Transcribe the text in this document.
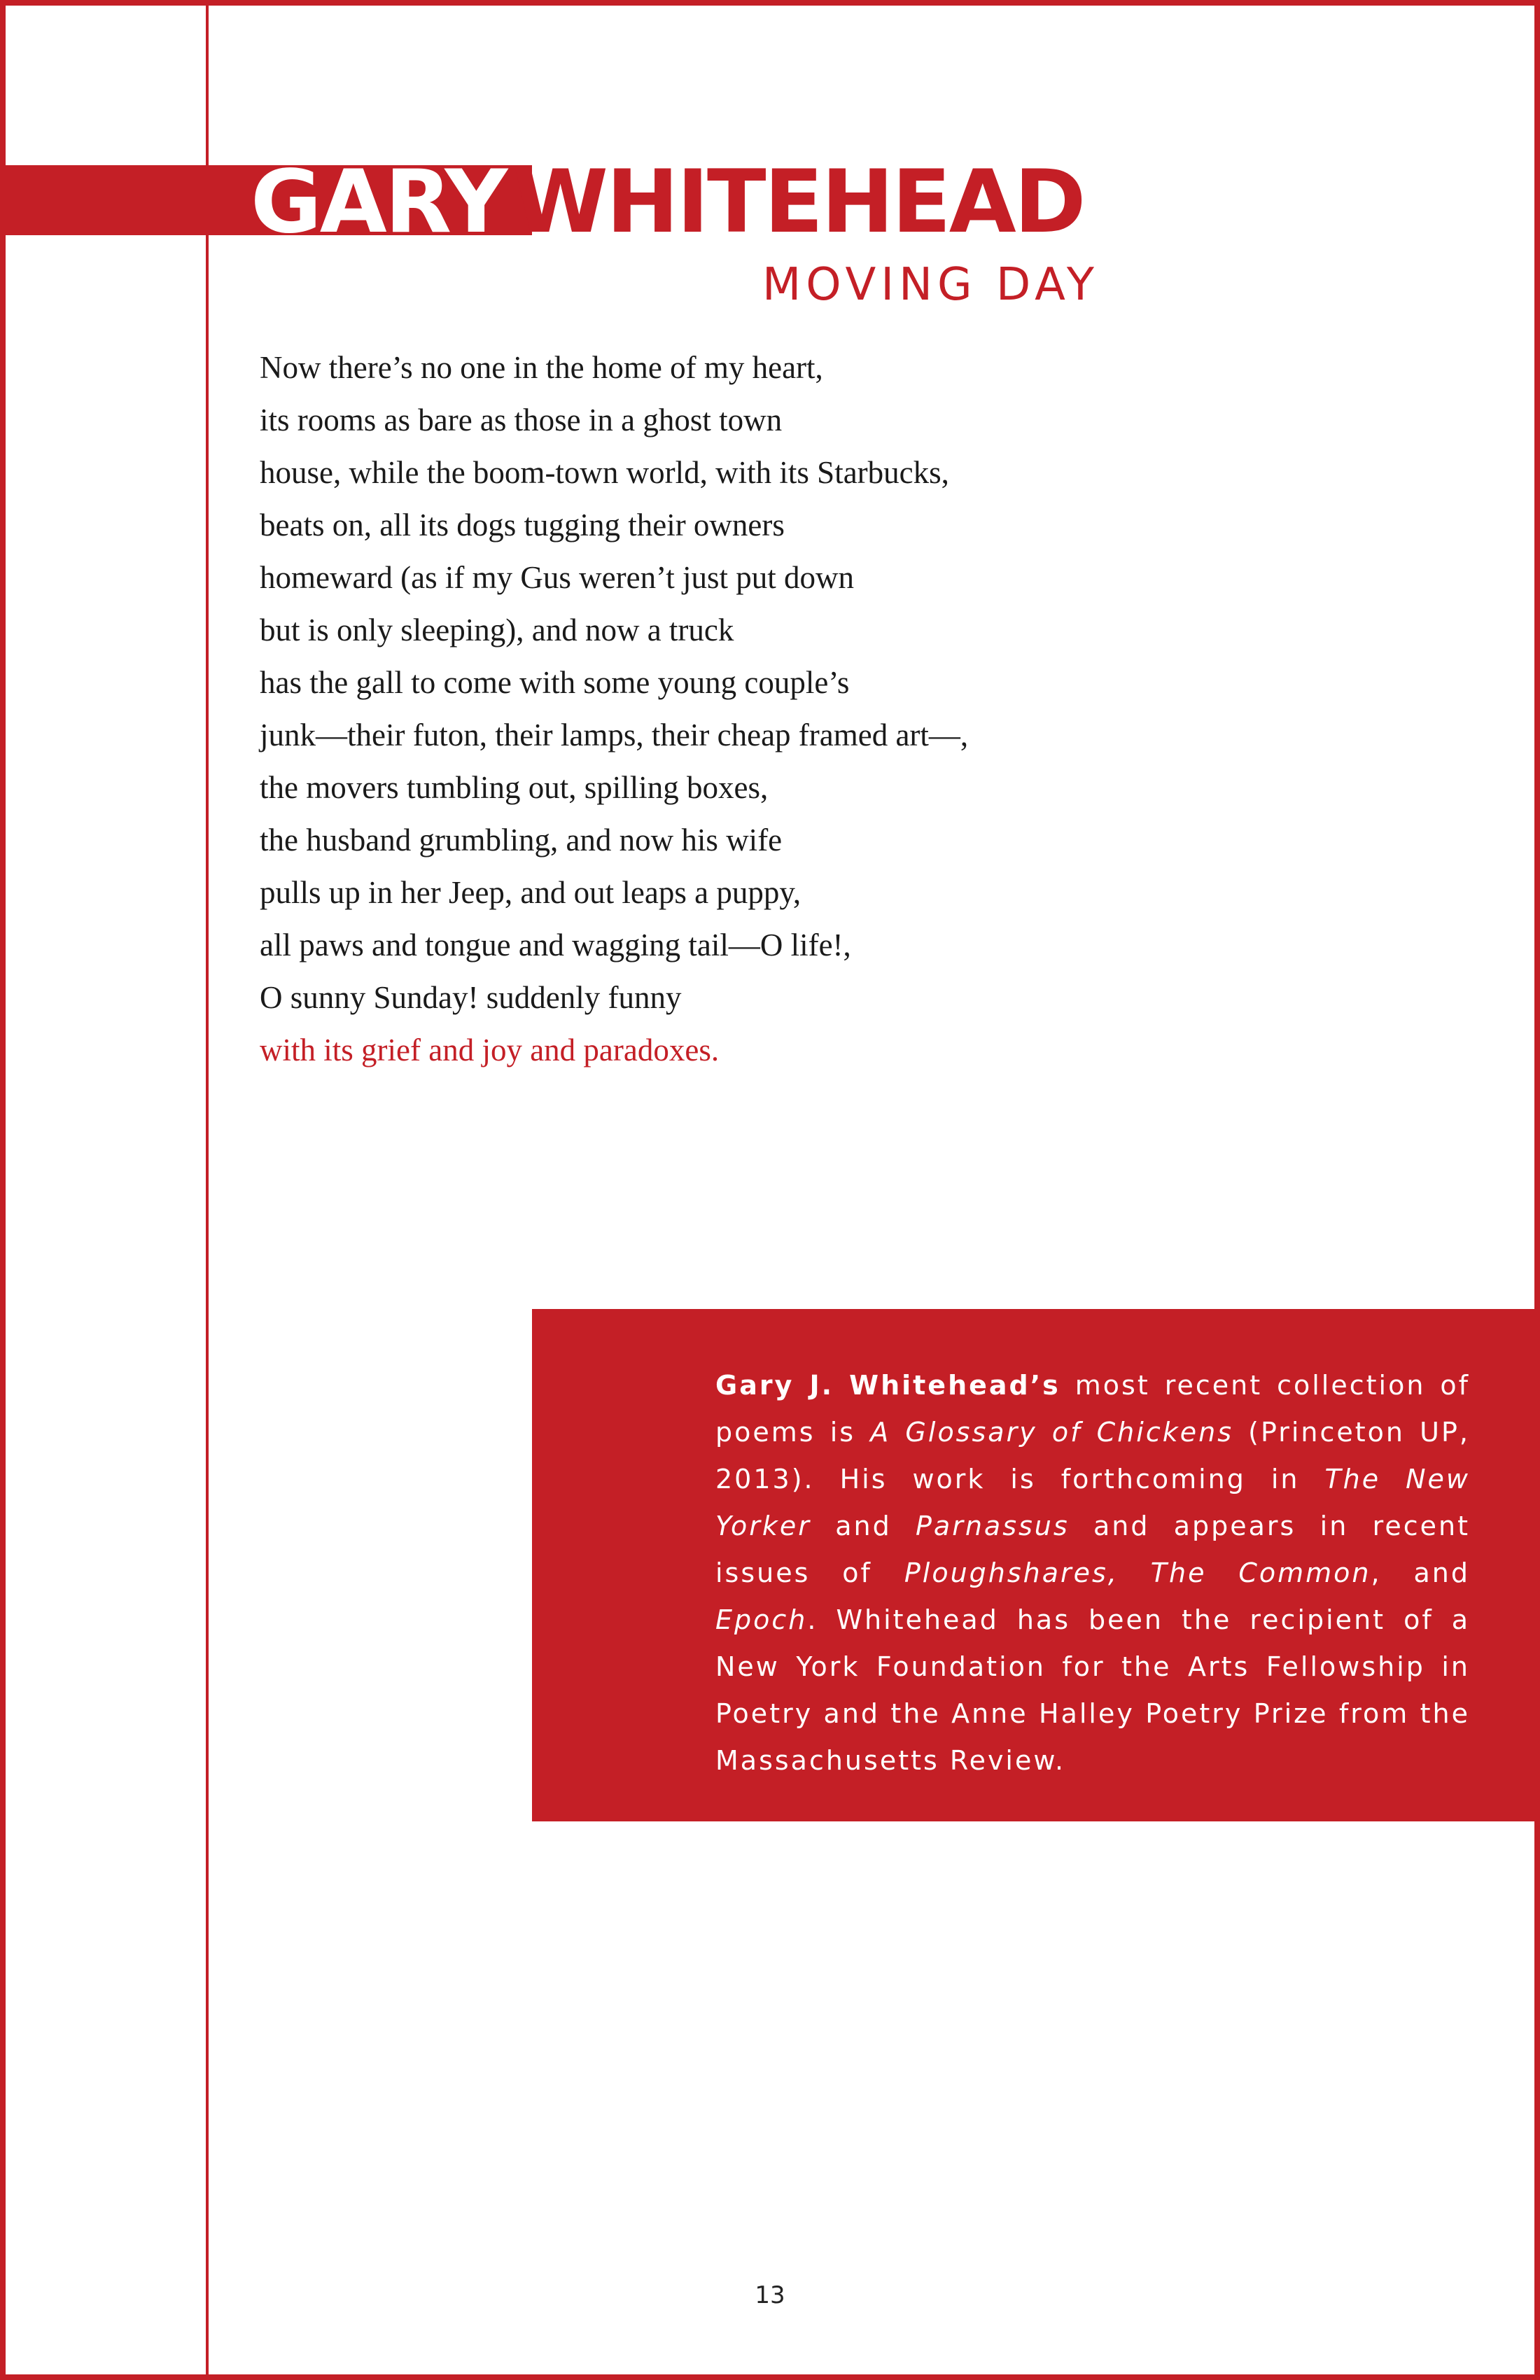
GARYWHITEHEAD
MOVING DAY
Now there’s no one in the home of my heart,
its rooms as bare as those in a ghost town
house, while the boom-town world, with its Starbucks,
beats on, all its dogs tugging their owners
homeward (as if my Gus weren’t just put down
but is only sleeping), and now a truck
has the gall to come with some young couple’s
junk—their futon, their lamps, their cheap framed art—,
the movers tumbling out, spilling boxes,
the husband grumbling, and now his wife
pulls up in her Jeep, and out leaps a puppy,
all paws and tongue and wagging tail—O life!,
O sunny Sunday! suddenly funny
with its grief and joy and paradoxes.

Gary J. Whitehead’s most recent collection of poems is A Glossary of Chickens (Princeton UP, 2013). His work is forthcoming in The New Yorker and Parnassus and appears in recent issues of Ploughshares, The Common, and Epoch. Whitehead has been the recipient of a New York Foundation for the Arts Fellowship in Poetry and the Anne Halley Poetry Prize from the Massachusetts Review.

13
